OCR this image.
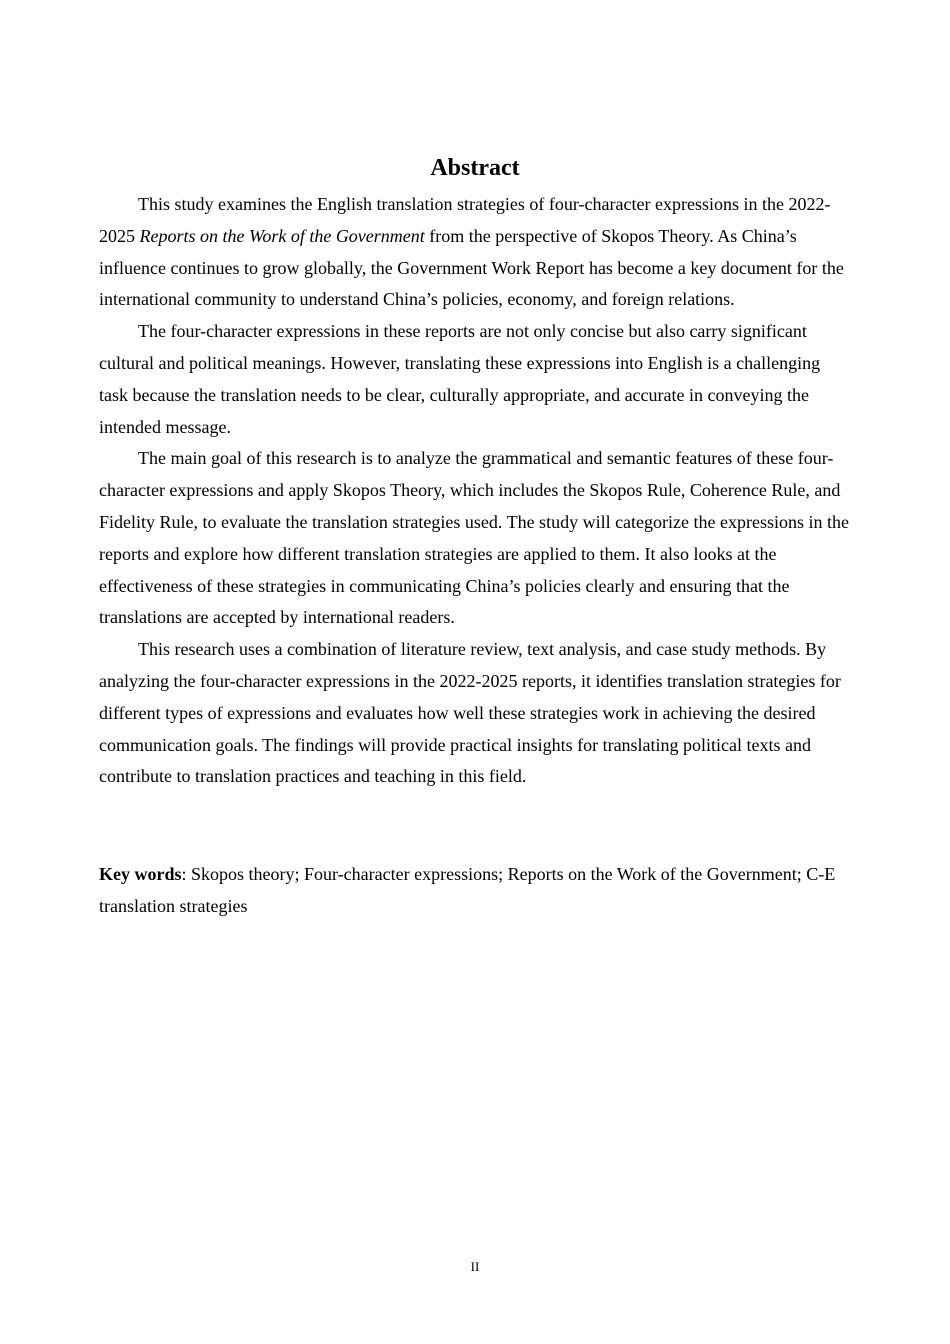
Abstract

This study examines the English translation strategies of four-character expressions in the 2022-2025 Reports on the Work of the Government from the perspective of Skopos Theory. As China’s influence continues to grow globally, the Government Work Report has become a key document for the international community to understand China’s policies, economy, and foreign relations.

The four-character expressions in these reports are not only concise but also carry significant cultural and political meanings. However, translating these expressions into English is a challenging task because the translation needs to be clear, culturally appropriate, and accurate in conveying the intended message.

The main goal of this research is to analyze the grammatical and semantic features of these four-character expressions and apply Skopos Theory, which includes the Skopos Rule, Coherence Rule, and Fidelity Rule, to evaluate the translation strategies used. The study will categorize the expressions in the reports and explore how different translation strategies are applied to them. It also looks at the effectiveness of these strategies in communicating China’s policies clearly and ensuring that the translations are accepted by international readers.

This research uses a combination of literature review, text analysis, and case study methods. By analyzing the four-character expressions in the 2022-2025 reports, it identifies translation strategies for different types of expressions and evaluates how well these strategies work in achieving the desired communication goals. The findings will provide practical insights for translating political texts and contribute to translation practices and teaching in this field.

Key words: Skopos theory; Four-character expressions; Reports on the Work of the Government; C-E translation strategies
II
